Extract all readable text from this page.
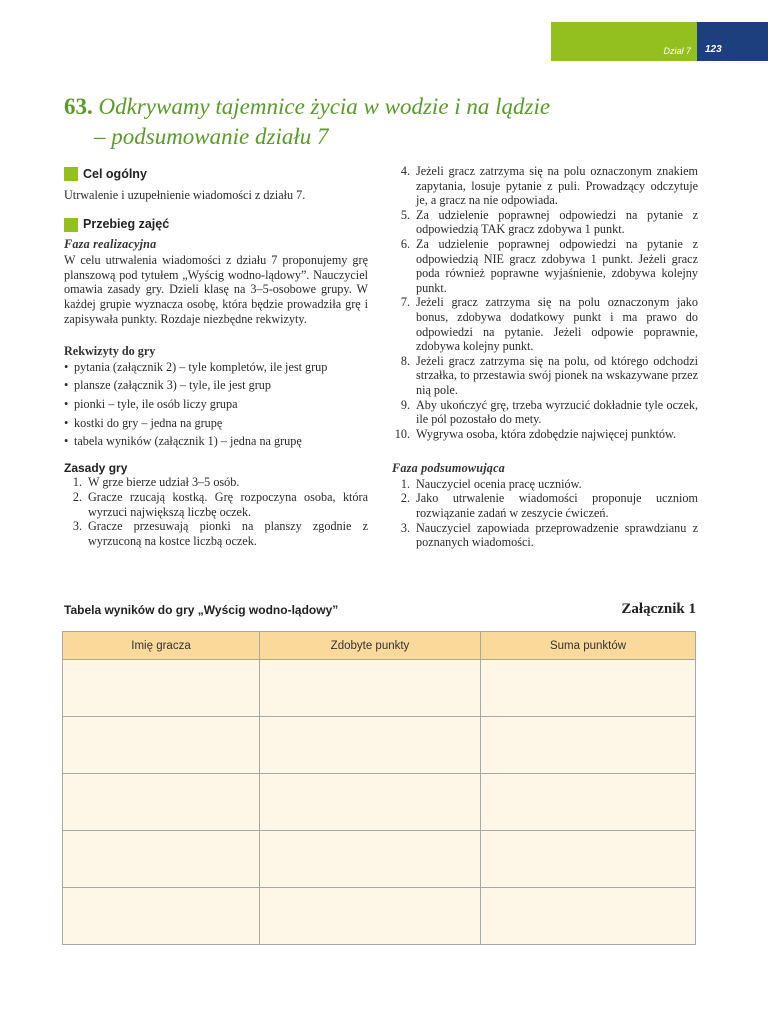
Dział 7 123
63. Odkrywamy tajemnice życia w wodzie i na lądzie
– podsumowanie działu 7
Cel ogólny

Utrwalenie i uzupełnienie wiadomości z działu 7.

Przebieg zajęć
Faza realizacyjna

W celu utrwalenia wiadomości z działu 7 proponujemy grę planszową pod tytułem „Wyścig wodno-lądowy”. Nauczyciel omawia zasady gry. Dzieli klasę na 3–5-osobowe grupy. W każdej grupie wyznacza osobę, która będzie prowadziła grę i zapisywała punkty. Rozdaje niezbędne rekwizyty.

Rekwizyty do gry
• pytania (załącznik 2) – tyle kompletów, ile jest grup
• plansze (załącznik 3) – tyle, ile jest grup
• pionki – tyle, ile osób liczy grupa
• kostki do gry – jedna na grupę
• tabela wyników (załącznik 1) – jedna na grupę
Zasady gry
1. W grze bierze udział 3–5 osób.
2. Gracze rzucają kostką. Grę rozpoczyna osoba, która wyrzuci największą liczbę oczek.
3. Gracze przesuwają pionki na planszy zgodnie z wyrzuconą na kostce liczbą oczek.
4. Jeżeli gracz zatrzyma się na polu oznaczonym znakiem zapytania, losuje pytanie z puli. Prowadzący odczytuje je, a gracz na nie odpowiada.
5. Za udzielenie poprawnej odpowiedzi na pytanie z odpowiedzią TAK gracz zdobywa 1 punkt.
6. Za udzielenie poprawnej odpowiedzi na pytanie z odpowiedzią NIE gracz zdobywa 1 punkt. Jeżeli gracz poda również poprawne wyjaśnienie, zdobywa kolejny punkt.
7. Jeżeli gracz zatrzyma się na polu oznaczonym jako bonus, zdobywa dodatkowy punkt i ma prawo do odpowiedzi na pytanie. Jeżeli odpowie poprawnie, zdobywa kolejny punkt.
8. Jeżeli gracz zatrzyma się na polu, od którego odchodzi strzałka, to przestawia swój pionek na wskazywane przez nią pole.
9. Aby ukończyć grę, trzeba wyrzucić dokładnie tyle oczek, ile pól pozostało do mety.
10. Wygrywa osoba, która zdobędzie najwięcej punktów.
Faza podsumowująca
1. Nauczyciel ocenia pracę uczniów.
2. Jako utrwalenie wiadomości proponuje uczniom rozwiązanie zadań w zeszycie ćwiczeń.
3. Nauczyciel zapowiada przeprowadzenie sprawdzianu z poznanych wiadomości.
Tabela wyników do gry „Wyścig wodno-lądowy”	Załącznik 1
Imię gracza	Zdobyte punkty	Suma punktów
